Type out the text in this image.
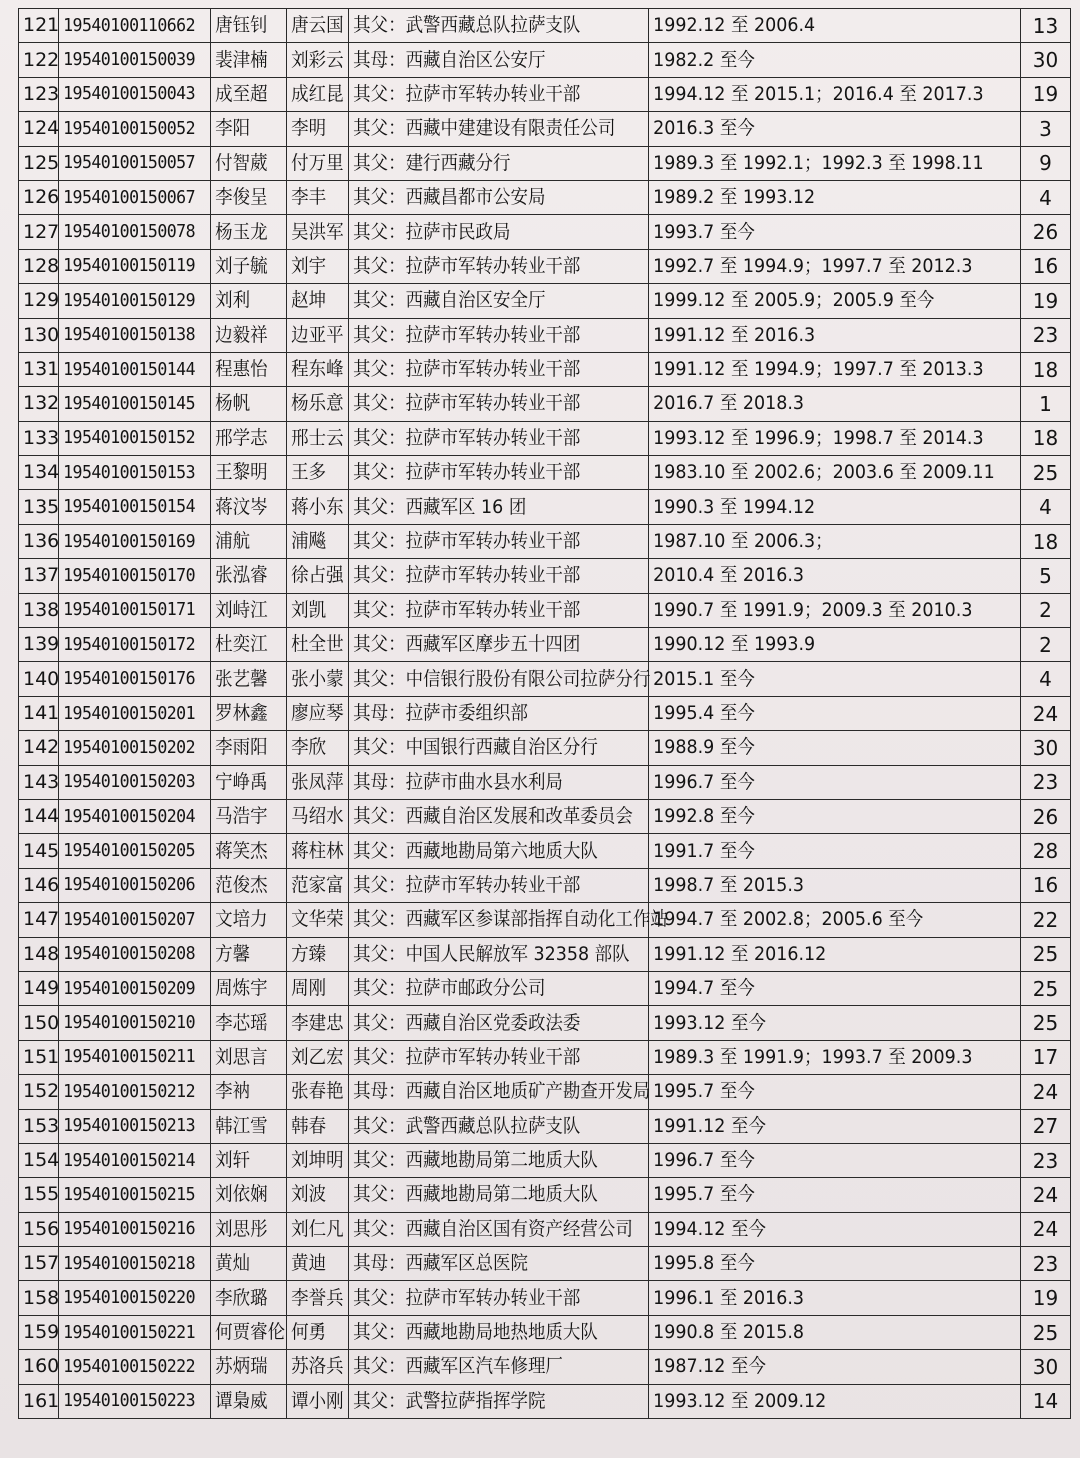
121	19540100110662	唐钰钊	唐云国	其父：武警西藏总队拉萨支队	1992.12 至 2006.4	13
122	19540100150039	裴津楠	刘彩云	其母：西藏自治区公安厅	1982.2 至今	30
123	19540100150043	成至超	成红昆	其父：拉萨市军转办转业干部	1994.12 至 2015.1；2016.4 至 2017.3	19
124	19540100150052	李阳	李明	其父：西藏中建建设有限责任公司	2016.3 至今	3
125	19540100150057	付智葳	付万里	其父：建行西藏分行	1989.3 至 1992.1；1992.3 至 1998.11	9
126	19540100150067	李俊呈	李丰	其父：西藏昌都市公安局	1989.2 至 1993.12	4
127	19540100150078	杨玉龙	吴洪军	其父：拉萨市民政局	1993.7 至今	26
128	19540100150119	刘子毓	刘宇	其父：拉萨市军转办转业干部	1992.7 至 1994.9；1997.7 至 2012.3	16
129	19540100150129	刘利	赵坤	其父：西藏自治区安全厅	1999.12 至 2005.9；2005.9 至今	19
130	19540100150138	边毅祥	边亚平	其父：拉萨市军转办转业干部	1991.12 至 2016.3	23
131	19540100150144	程惠怡	程东峰	其父：拉萨市军转办转业干部	1991.12 至 1994.9；1997.7 至 2013.3	18
132	19540100150145	杨帆	杨乐意	其父：拉萨市军转办转业干部	2016.7 至 2018.3	1
133	19540100150152	邢学志	邢士云	其父：拉萨市军转办转业干部	1993.12 至 1996.9；1998.7 至 2014.3	18
134	19540100150153	王黎明	王多	其父：拉萨市军转办转业干部	1983.10 至 2002.6；2003.6 至 2009.11	25
135	19540100150154	蒋汶岑	蒋小东	其父：西藏军区 16 团	1990.3 至 1994.12	4
136	19540100150169	浦航	浦飚	其父：拉萨市军转办转业干部	1987.10 至 2006.3；	18
137	19540100150170	张泓睿	徐占强	其父：拉萨市军转办转业干部	2010.4 至 2016.3	5
138	19540100150171	刘峙江	刘凯	其父：拉萨市军转办转业干部	1990.7 至 1991.9；2009.3 至 2010.3	2
139	19540100150172	杜奕江	杜全世	其父：西藏军区摩步五十四团	1990.12 至 1993.9	2
140	19540100150176	张艺馨	张小蒙	其父：中信银行股份有限公司拉萨分行	2015.1 至今	4
141	19540100150201	罗林鑫	廖应琴	其母：拉萨市委组织部	1995.4 至今	24
142	19540100150202	李雨阳	李欣	其父：中国银行西藏自治区分行	1988.9 至今	30
143	19540100150203	宁峥禹	张凤萍	其母：拉萨市曲水县水利局	1996.7 至今	23
144	19540100150204	马浩宇	马绍水	其父：西藏自治区发展和改革委员会	1992.8 至今	26
145	19540100150205	蒋笑杰	蒋柱林	其父：西藏地勘局第六地质大队	1991.7 至今	28
146	19540100150206	范俊杰	范家富	其父：拉萨市军转办转业干部	1998.7 至 2015.3	16
147	19540100150207	文培力	文华荣	其父：西藏军区参谋部指挥自动化工作站	1994.7 至 2002.8；2005.6 至今	22
148	19540100150208	方馨	方臻	其父：中国人民解放军 32358 部队	1991.12 至 2016.12	25
149	19540100150209	周炼宇	周刚	其父：拉萨市邮政分公司	1994.7 至今	25
150	19540100150210	李芯瑶	李建忠	其父：西藏自治区党委政法委	1993.12 至今	25
151	19540100150211	刘思言	刘乙宏	其父：拉萨市军转办转业干部	1989.3 至 1991.9；1993.7 至 2009.3	17
152	19540100150212	李衲	张春艳	其母：西藏自治区地质矿产勘查开发局	1995.7 至今	24
153	19540100150213	韩江雪	韩春	其父：武警西藏总队拉萨支队	1991.12 至今	27
154	19540100150214	刘轩	刘坤明	其父：西藏地勘局第二地质大队	1996.7 至今	23
155	19540100150215	刘依娴	刘波	其父：西藏地勘局第二地质大队	1995.7 至今	24
156	19540100150216	刘思彤	刘仁凡	其父：西藏自治区国有资产经营公司	1994.12 至今	24
157	19540100150218	黄灿	黄迪	其母：西藏军区总医院	1995.8 至今	23
158	19540100150220	李欣璐	李誉兵	其父：拉萨市军转办转业干部	1996.1 至 2016.3	19
159	19540100150221	何贾睿伦	何勇	其父：西藏地勘局地热地质大队	1990.8 至 2015.8	25
160	19540100150222	苏炳瑞	苏洛兵	其父：西藏军区汽车修理厂	1987.12 至今	30
161	19540100150223	谭梟威	谭小刚	其父：武警拉萨指挥学院	1993.12 至 2009.12	14
